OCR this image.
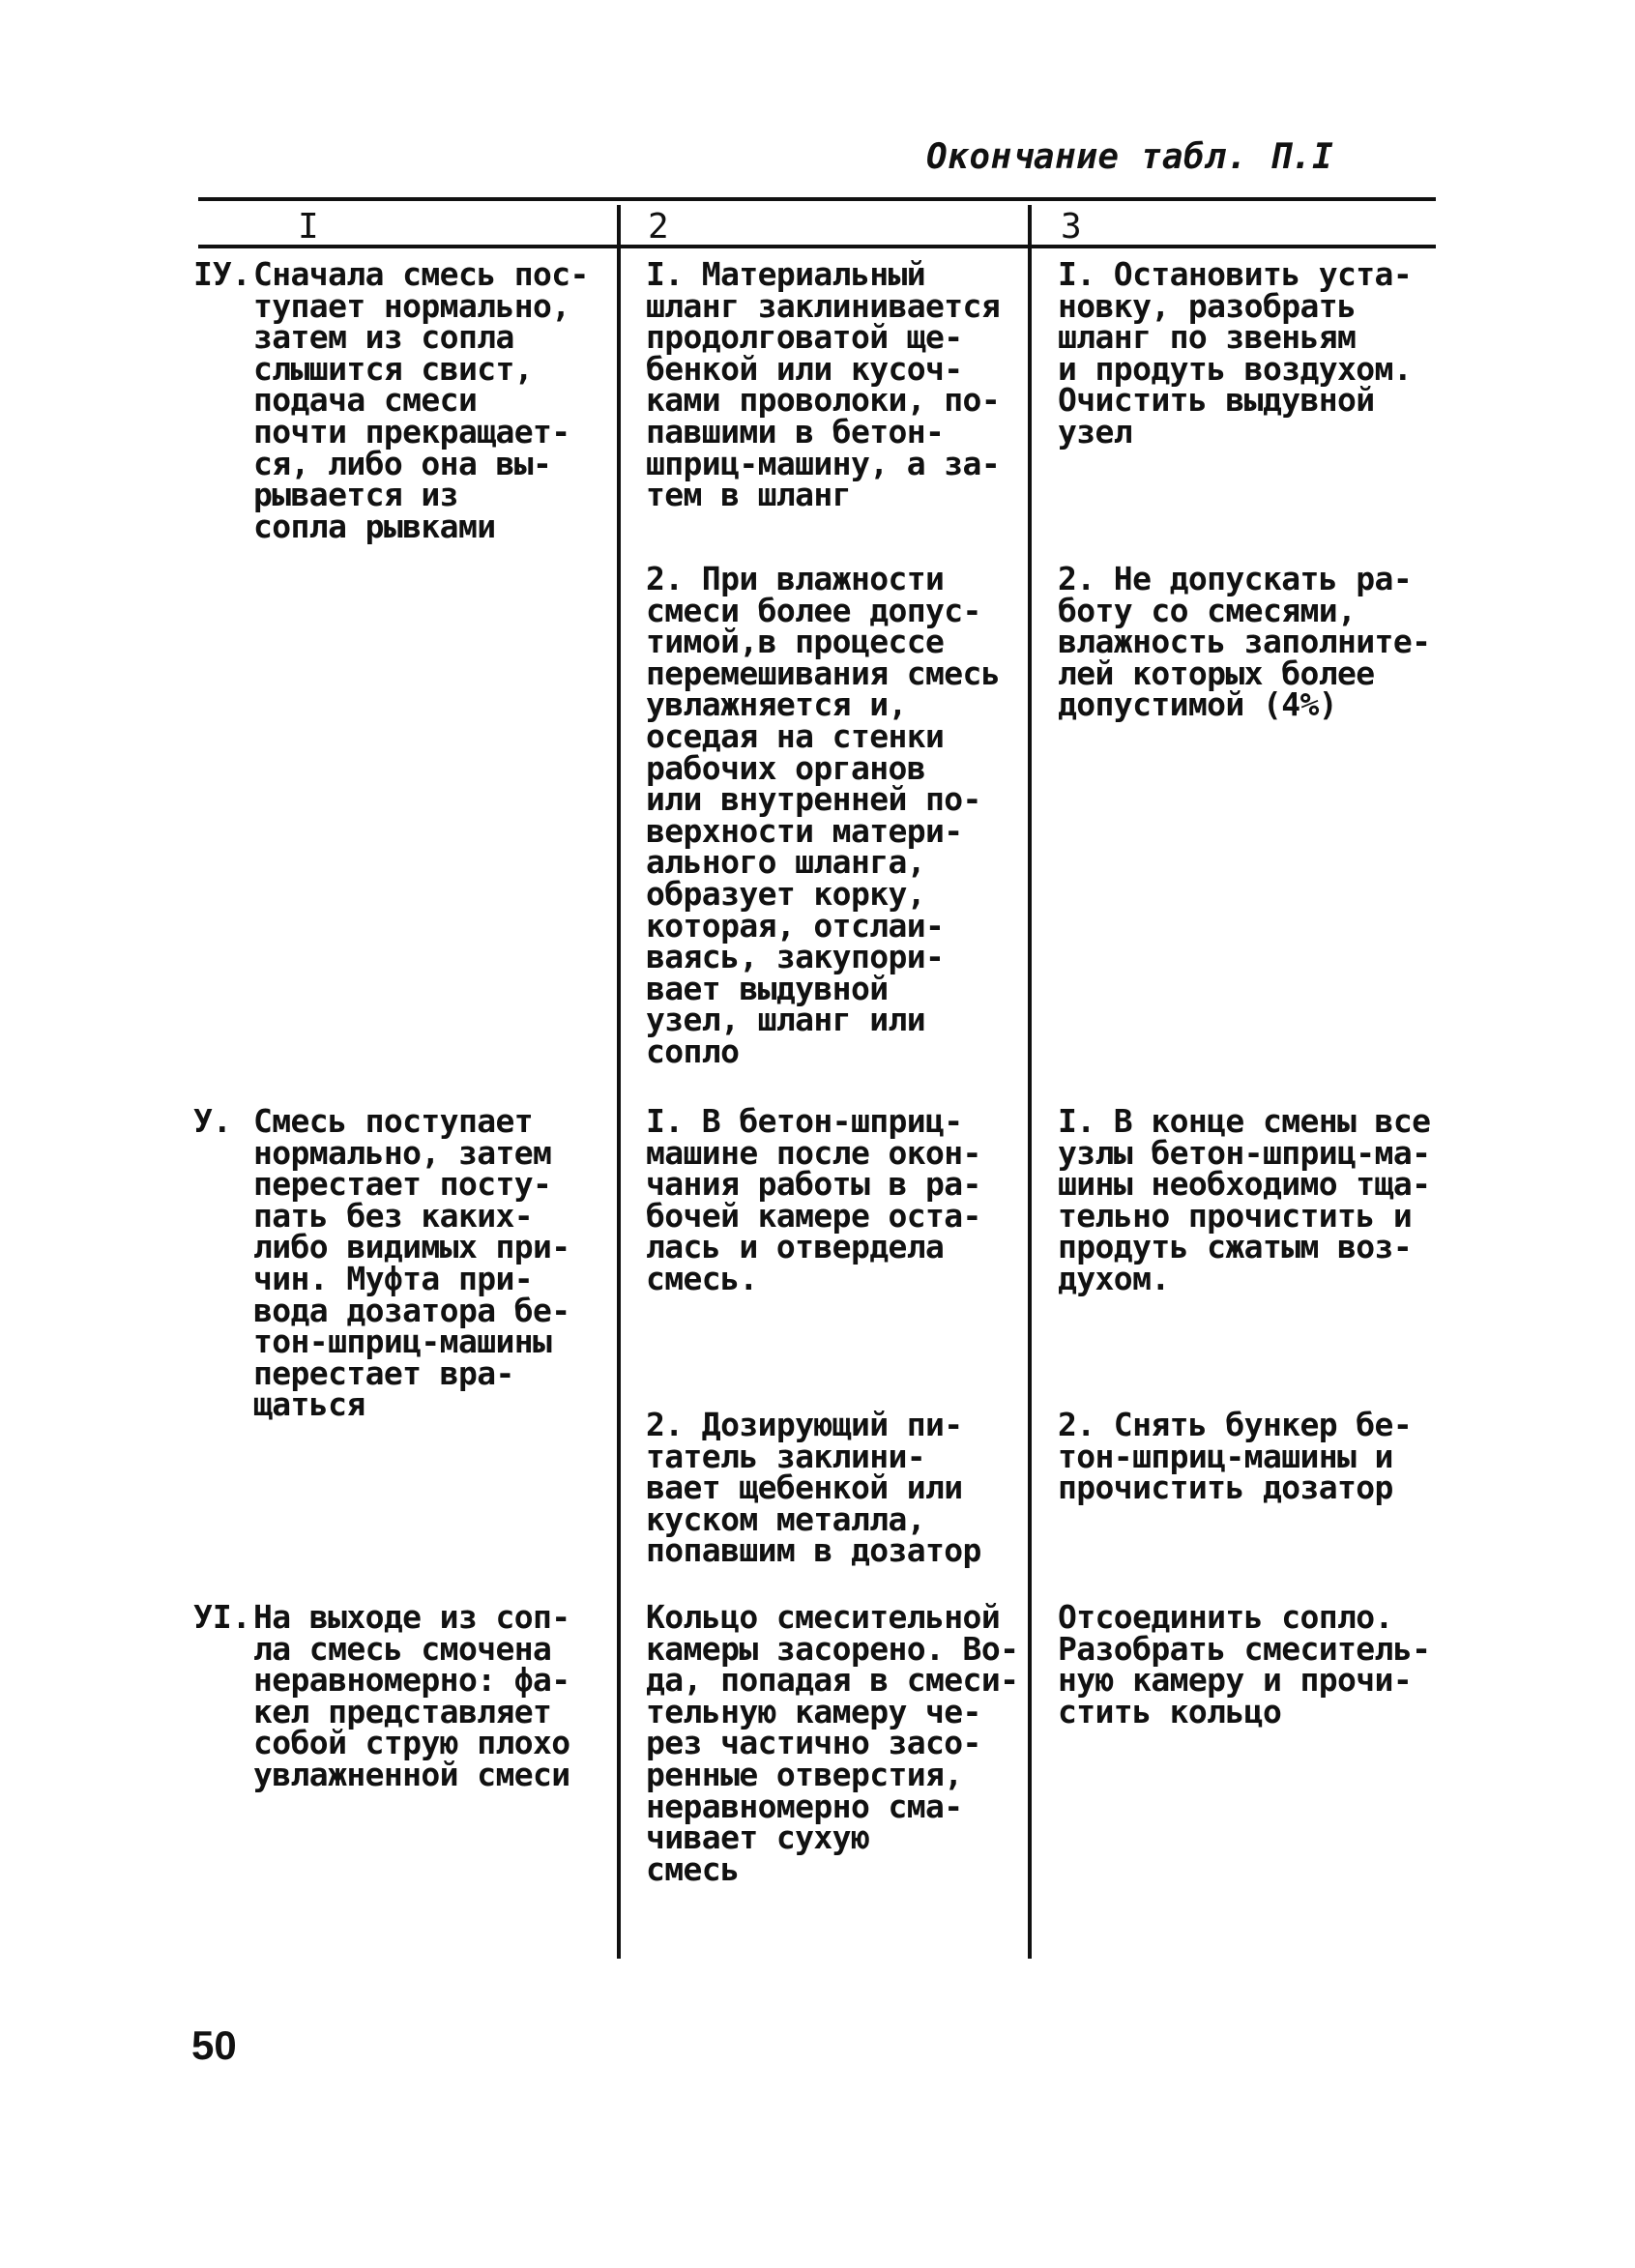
Окончание табл. П.I
I	2	3
IУ. Сначала смесь пос-
тупает нормально,
затем из сопла
слышится свист,
подача смеси
почти прекращает-
ся, либо она вы-
рывается из
сопла рывками
I. Материальный
шланг заклинивается
продолговатой ще-
бенкой или кусоч-
ками проволоки, по-
павшими в бетон-
шприц-машину, а за-
тем в шланг
I. Остановить уста-
новку, разобрать
шланг по звеньям
и продуть воздухом.
Очистить выдувной
узел
2. При влажности
смеси более допус-
тимой,в процессе
перемешивания смесь
увлажняется и,
оседая на стенки
рабочих органов
или внутренней по-
верхности матери-
ального шланга,
образует корку,
которая, отслаи-
ваясь, закупори-
вает выдувной
узел, шланг или
сопло
2. Не допускать ра-
боту со смесями,
влажность заполните-
лей которых более
допустимой (4%)
У. Смесь поступает
нормально, затем
перестает посту-
пать без каких-
либо видимых при-
чин. Муфта при-
вода дозатора бе-
тон-шприц-машины
перестает вра-
щаться
I. В бетон-шприц-
машине после окон-
чания работы в ра-
бочей камере оста-
лась и отвердела
смесь.
I. В конце смены все
узлы бетон-шприц-ма-
шины необходимо тща-
тельно прочистить и
продуть сжатым воз-
духом.
2. Дозирующий пи-
татель заклини-
вает щебенкой или
куском металла,
попавшим в дозатор
2. Снять бункер бе-
тон-шприц-машины и
прочистить дозатор
УI. На выходе из соп-
ла смесь смочена
неравномерно: фа-
кел представляет
собой струю плохо
увлажненной смеси
Кольцо смесительной
камеры засорено. Во-
да, попадая в смеси-
тельную камеру че-
рез частично засо-
ренные отверстия,
неравномерно сма-
чивает сухую
смесь
Отсоединить сопло.
Разобрать смеситель-
ную камеру и прочи-
стить кольцо
50
